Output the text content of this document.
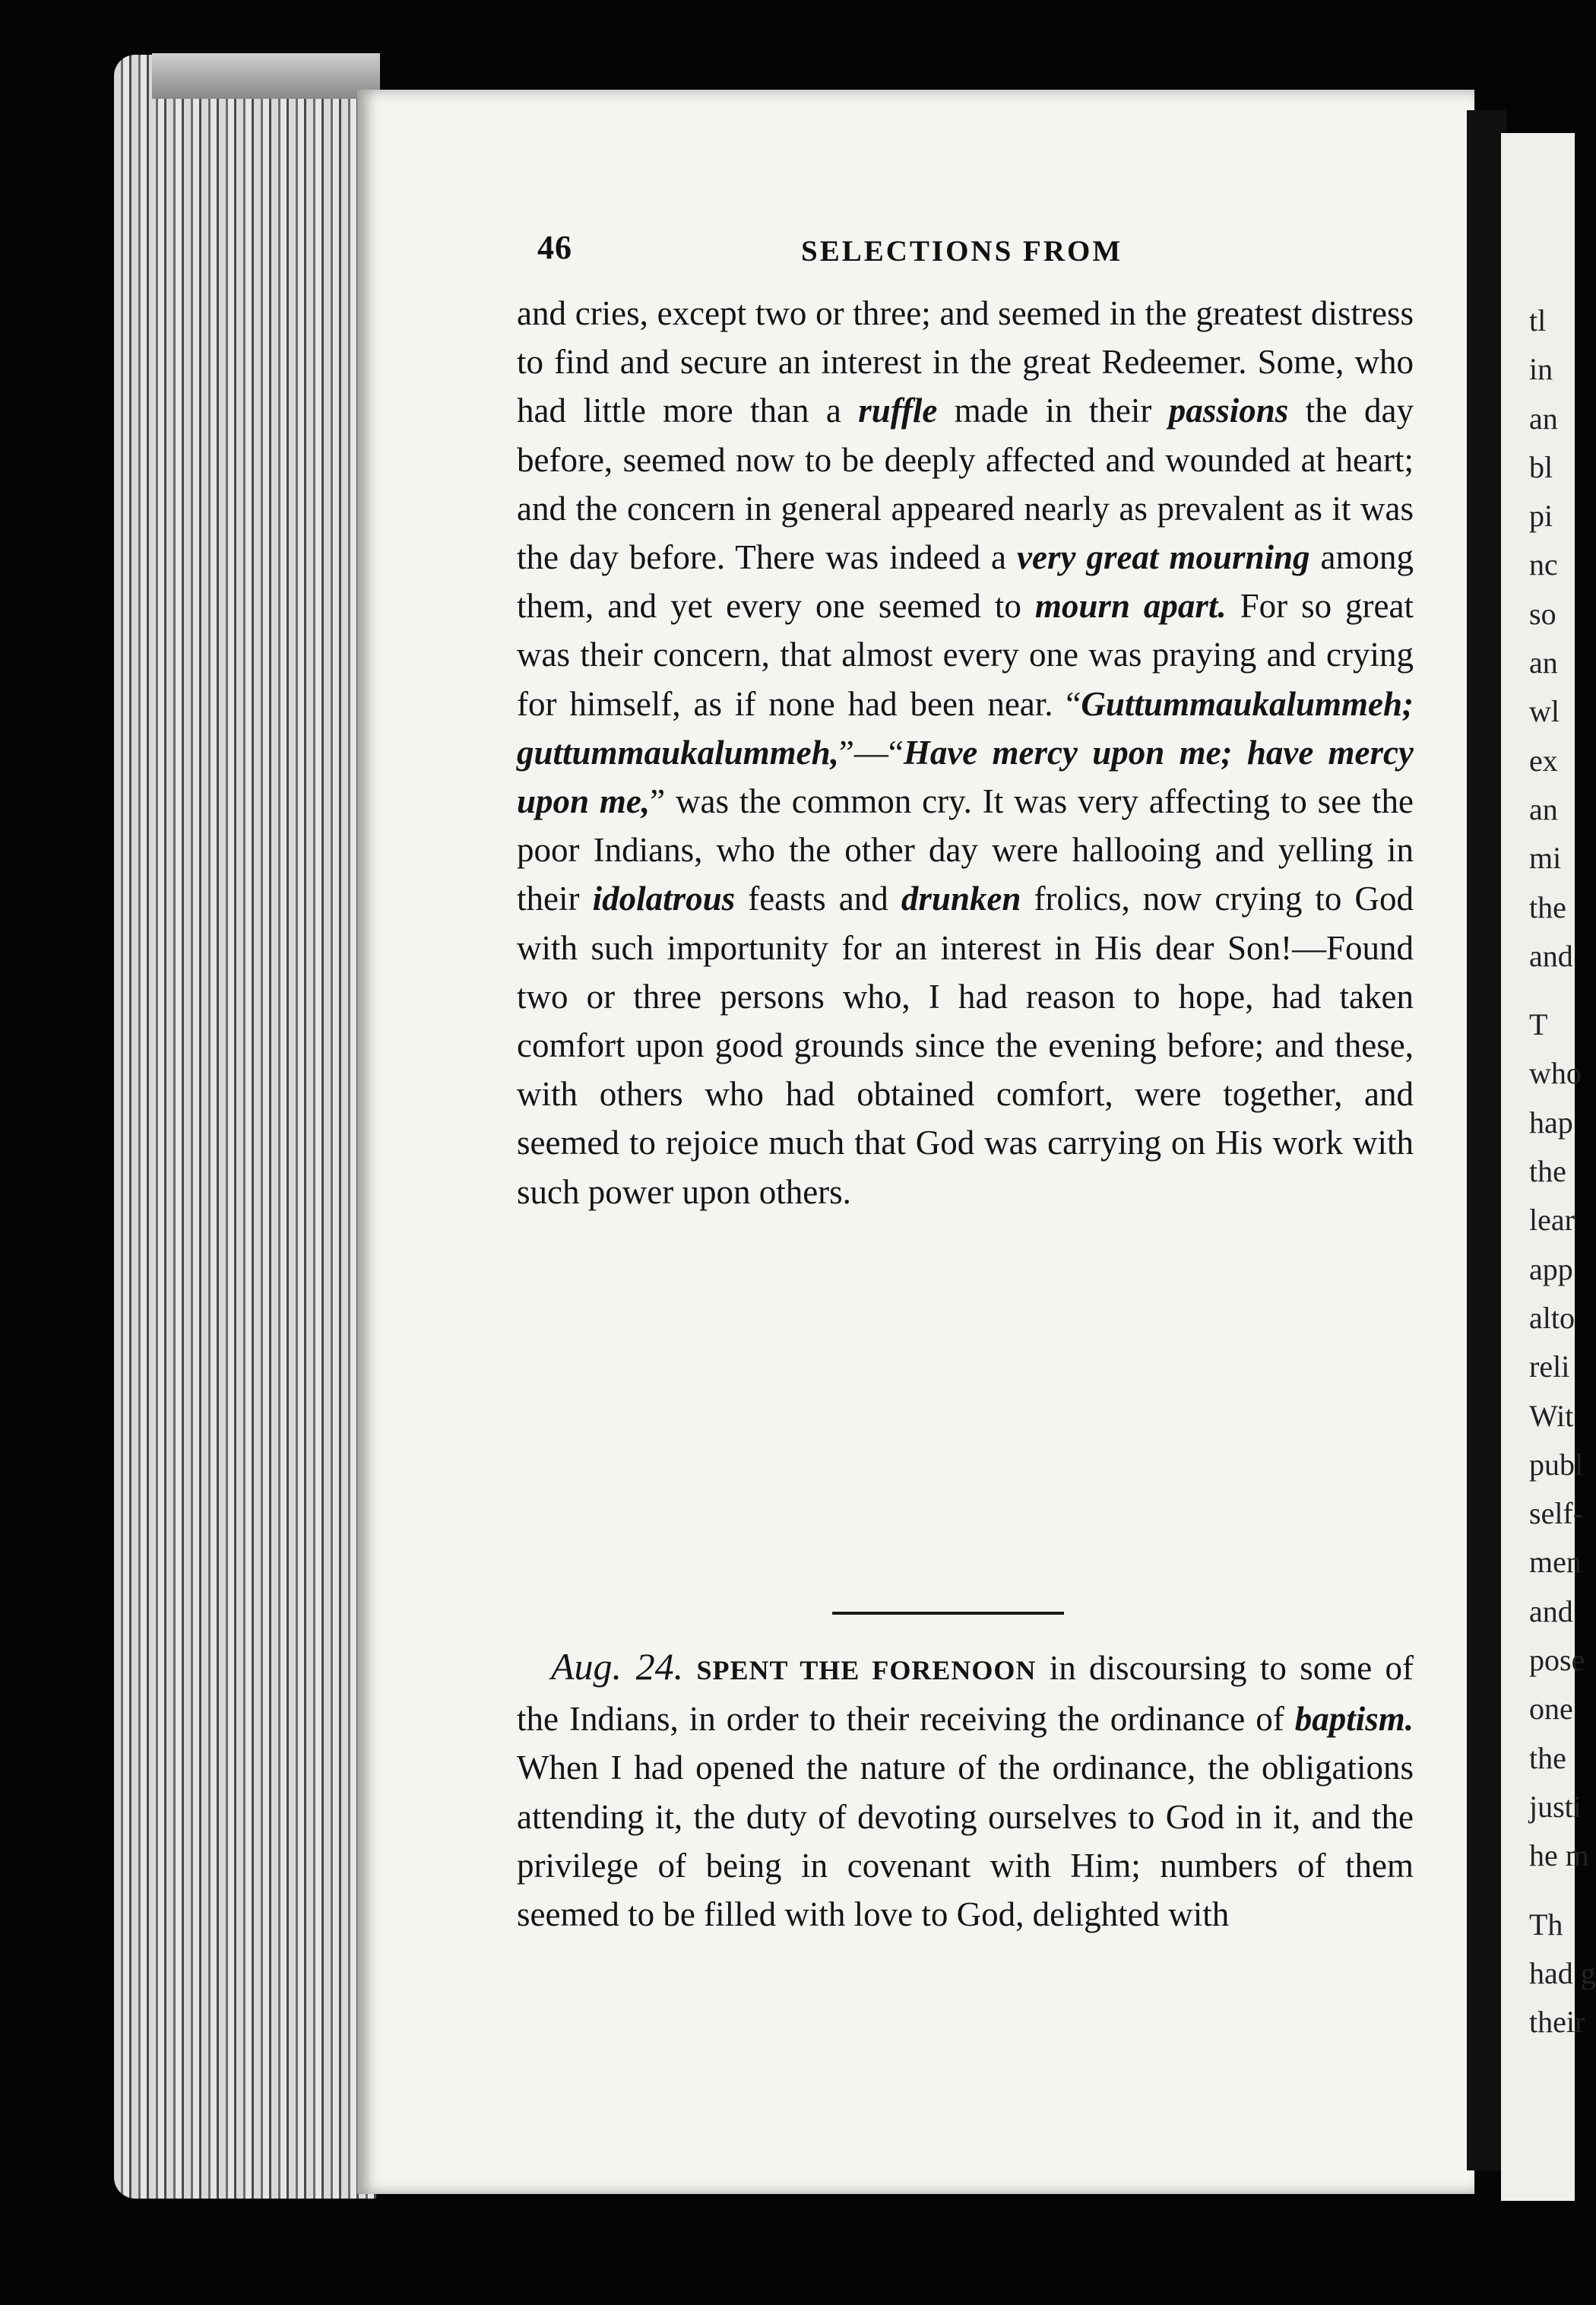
46	SELECTIONS FROM

and cries, except two or three; and seemed in the greatest distress to find and secure an interest in the great Redeemer. Some, who had little more than a ruffle made in their passions the day before, seemed now to be deeply affected and wounded at heart; and the concern in general appeared nearly as prevalent as it was the day before. There was indeed a very great mourning among them, and yet every one seemed to mourn apart. For so great was their concern, that almost every one was praying and crying for himself, as if none had been near. “Guttummaukalummeh; guttummaukalummeh,”—“Have mercy upon me; have mercy upon me,” was the common cry. It was very affecting to see the poor Indians, who the other day were hallooing and yelling in their idolatrous feasts and drunken frolics, now crying to God with such importunity for an interest in His dear Son!—Found two or three persons who, I had reason to hope, had taken comfort upon good grounds since the evening before; and these, with others who had obtained comfort, were together, and seemed to rejoice much that God was carrying on His work with such power upon others.

 Aug. 24. SPENT THE FORENOON in discoursing to some of the Indians, in order to their receiving the ordinance of baptism. When I had opened the nature of the ordinance, the obligations attending it, the duty of devoting ourselves to God in it, and the privilege of being in covenant with Him; numbers of them seemed to be filled with love to God, delighted with

tl
in
an
bl
pi
nc
so
an
wl
ex
an
mi
the
and
T
who
hap
the
lear
app
alto
reli
Wit
publ
self-
men
and
pose
one
the
justi
he m
Th
had g
their
